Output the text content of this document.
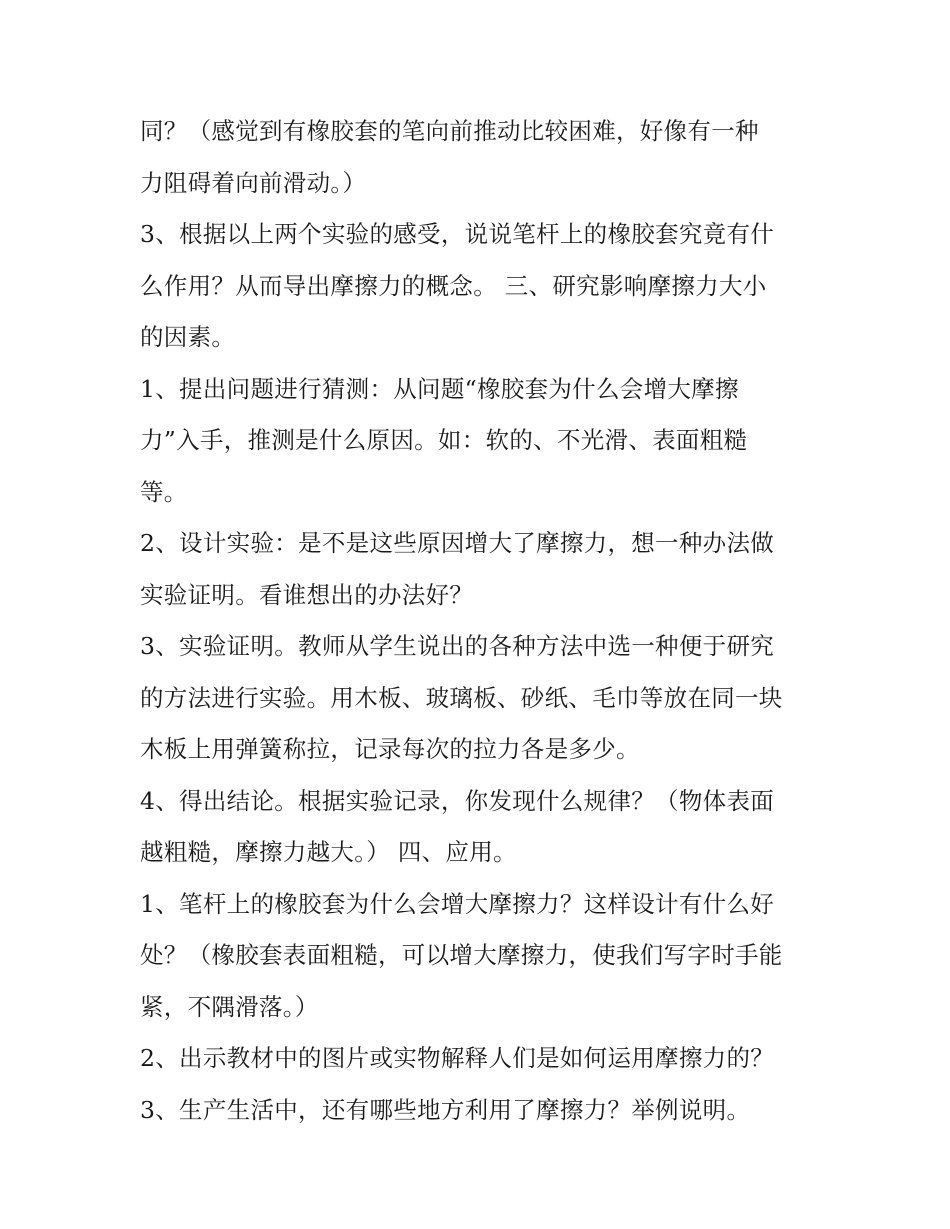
同？（感觉到有橡胶套的笔向前推动比较困难，好像有一种
力阻碍着向前滑动。）
3、根据以上两个实验的感受，说说笔杆上的橡胶套究竟有什
么作用？从而导出摩擦力的概念。 三、研究影响摩擦力大小
的因素。
1、提出问题进行猜测：从问题“橡胶套为什么会增大摩擦
力”入手，推测是什么原因。如：软的、不光滑、表面粗糙
等。
2、设计实验：是不是这些原因增大了摩擦力，想一种办法做
实验证明。看谁想出的办法好？
3、实验证明。教师从学生说出的各种方法中选一种便于研究
的方法进行实验。用木板、玻璃板、砂纸、毛巾等放在同一块
木板上用弹簧称拉，记录每次的拉力各是多少。
4、得出结论。根据实验记录，你发现什么规律？（物体表面
越粗糙，摩擦力越大。） 四、应用。
1、笔杆上的橡胶套为什么会增大摩擦力？这样设计有什么好
处？（橡胶套表面粗糙，可以增大摩擦力，使我们写字时手能
紧，不隅滑落。）
2、出示教材中的图片或实物解释人们是如何运用摩擦力的？
3、生产生活中，还有哪些地方利用了摩擦力？举例说明。
